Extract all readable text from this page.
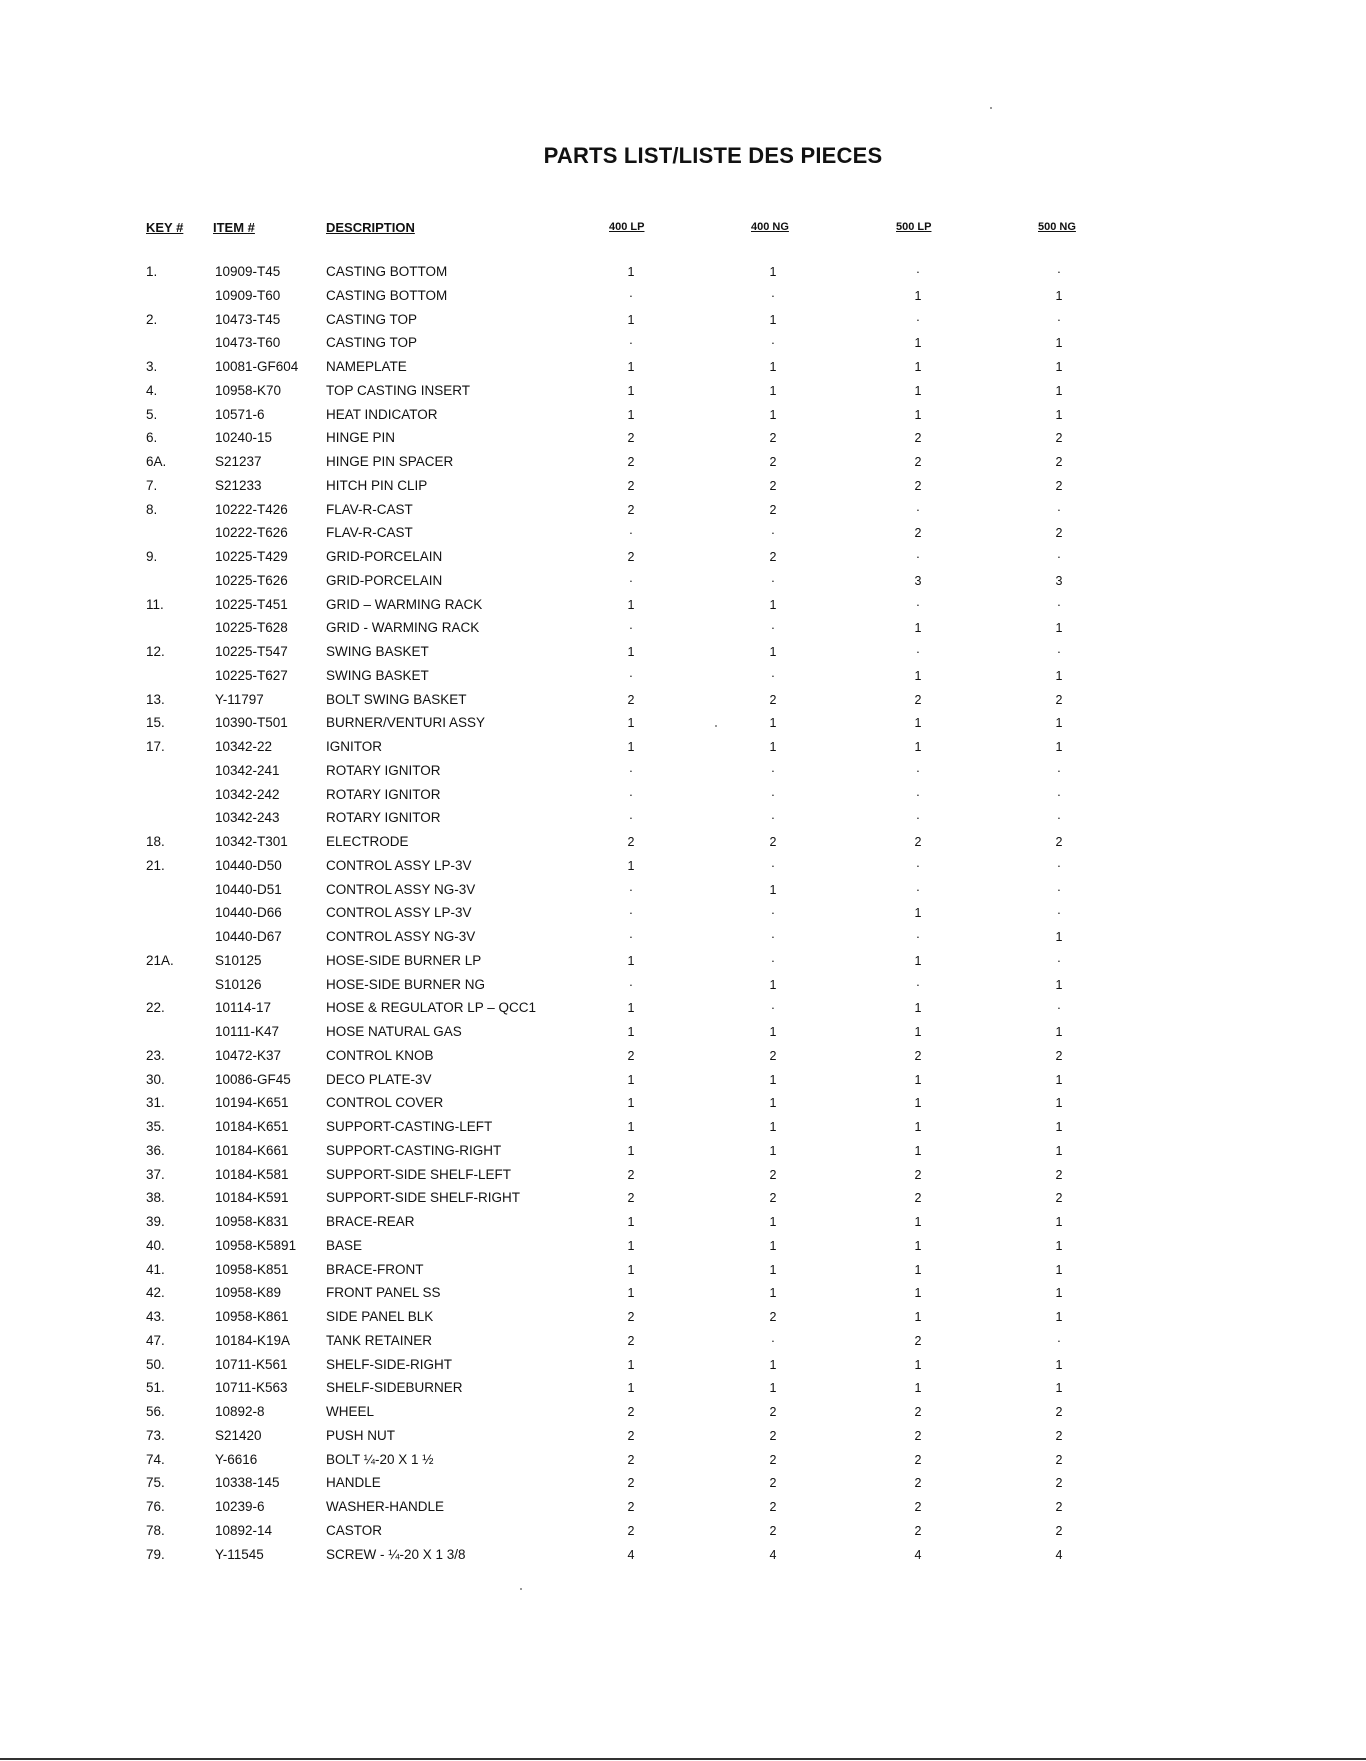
PARTS LIST/LISTE DES PIECES
KEY # ITEM #	DESCRIPTION	400 LP	400 NG	500 LP	500 NG
1.	10909-T45	CASTING BOTTOM	1	1	·	·
10909-T60	CASTING BOTTOM	·	·	1	1
2.	10473-T45	CASTING TOP	1	1	·	·
10473-T60	CASTING TOP	·	·	1	1
3.	10081-GF604 NAMEPLATE	1	1	1	1
4.	10958-K70	TOP CASTING INSERT	1	1	1	1
5.	10571-6	HEAT INDICATOR	1	1	1	1
6.	10240-15	HINGE PIN	2	2	2	2
6A.	S21237	HINGE PIN SPACER	2	2	2	2
7.	S21233	HITCH PIN CLIP	2	2	2	2
8.	10222-T426	FLAV-R-CAST	2	2	·	·
10222-T626	FLAV-R-CAST	·	·	2	2
9.	10225-T429	GRID-PORCELAIN	2	2	·	·
10225-T626	GRID-PORCELAIN	·	·	3	3
11.	10225-T451	GRID – WARMING RACK	1	1	·	·
10225-T628	GRID - WARMING RACK	·	·	1	1
12.	10225-T547	SWING BASKET	1	1	·	·
10225-T627	SWING BASKET	·	·	1	1
13.	Y-11797	BOLT SWING BASKET	2	2	2	2
15.	10390-T501	BURNER/VENTURI ASSY	1	1	1	1
17.	10342-22	IGNITOR	1	1	1	1
10342-241	ROTARY IGNITOR	·	·	·	·
10342-242	ROTARY IGNITOR	·	·	·	·
10342-243	ROTARY IGNITOR	·	·	·	·
18.	10342-T301	ELECTRODE	2	2	2	2
21.	10440-D50	CONTROL ASSY LP-3V	1	·	·	·
10440-D51	CONTROL ASSY NG-3V	·	1	·	·
10440-D66	CONTROL ASSY LP-3V	·	·	1	·
10440-D67	CONTROL ASSY NG-3V	·	·	·	1
21A.	S10125	HOSE-SIDE BURNER LP	1	·	1	·
S10126	HOSE-SIDE BURNER NG	·	1	·	1
22.	10114-17	HOSE & REGULATOR LP – QCC1	1	·	1	·
10111-K47	HOSE NATURAL GAS	1	1	1	1
23.	10472-K37	CONTROL KNOB	2	2	2	2
30.	10086-GF45	DECO PLATE-3V	1	1	1	1
31.	10194-K651	CONTROL COVER	1	1	1	1
35.	10184-K651	SUPPORT-CASTING-LEFT	1	1	1	1
36.	10184-K661	SUPPORT-CASTING-RIGHT	1	1	1	1
37.	10184-K581	SUPPORT-SIDE SHELF-LEFT	2	2	2	2
38.	10184-K591	SUPPORT-SIDE SHELF-RIGHT	2	2	2	2
39.	10958-K831	BRACE-REAR	1	1	1	1
40.	10958-K5891 BASE	1	1	1	1
41.	10958-K851	BRACE-FRONT	1	1	1	1
42.	10958-K89	FRONT PANEL SS	1	1	1	1
43.	10958-K861	SIDE PANEL BLK	2	2	1	1
47.	10184-K19A	TANK RETAINER	2	·	2	·
50.	10711-K561	SHELF-SIDE-RIGHT	1	1	1	1
51.	10711-K563	SHELF-SIDEBURNER	1	1	1	1
56.	10892-8	WHEEL	2	2	2	2
73.	S21420	PUSH NUT	2	2	2	2
74.	Y-6616	BOLT ¼-20 X 1 ½	2	2	2	2
75.	10338-145	HANDLE	2	2	2	2
76.	10239-6	WASHER-HANDLE	2	2	2	2
78.	10892-14	CASTOR	2	2	2	2
79.	Y-11545	SCREW - ¼-20 X 1 3/8	4	4	4	4
